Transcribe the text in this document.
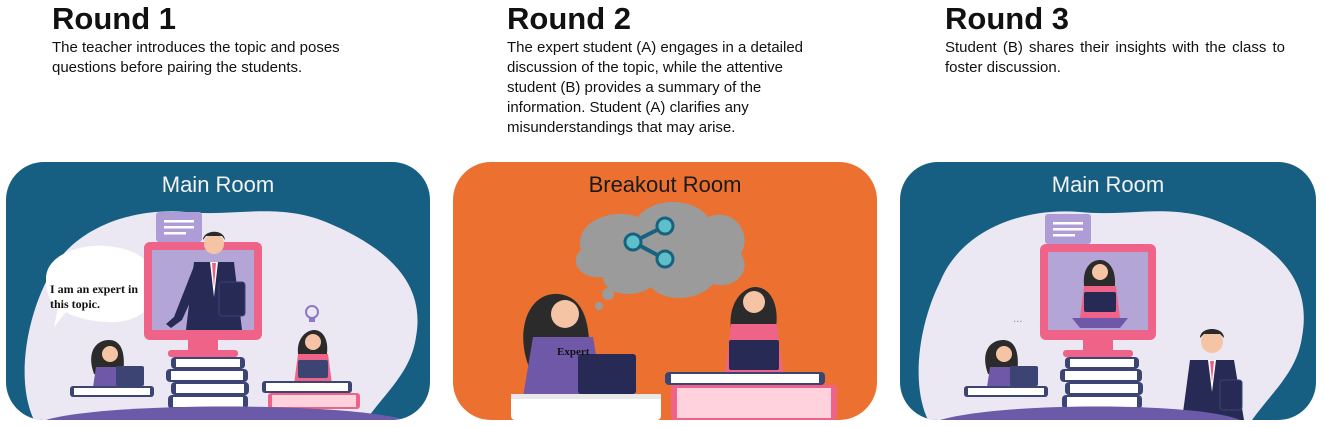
Round 1
The teacher introduces the topic and poses questions before pairing the students.
Main Room
I am an expert in this topic.
Round 2
The expert student (A) engages in a detailed discussion of the topic, while the attentive student (B) provides a summary of the information. Student (A) clarifies any misunderstandings that may arise.
Breakout Room
Expert
Round 3
Student (B) shares their insights with the class to foster discussion.
Main Room
...
